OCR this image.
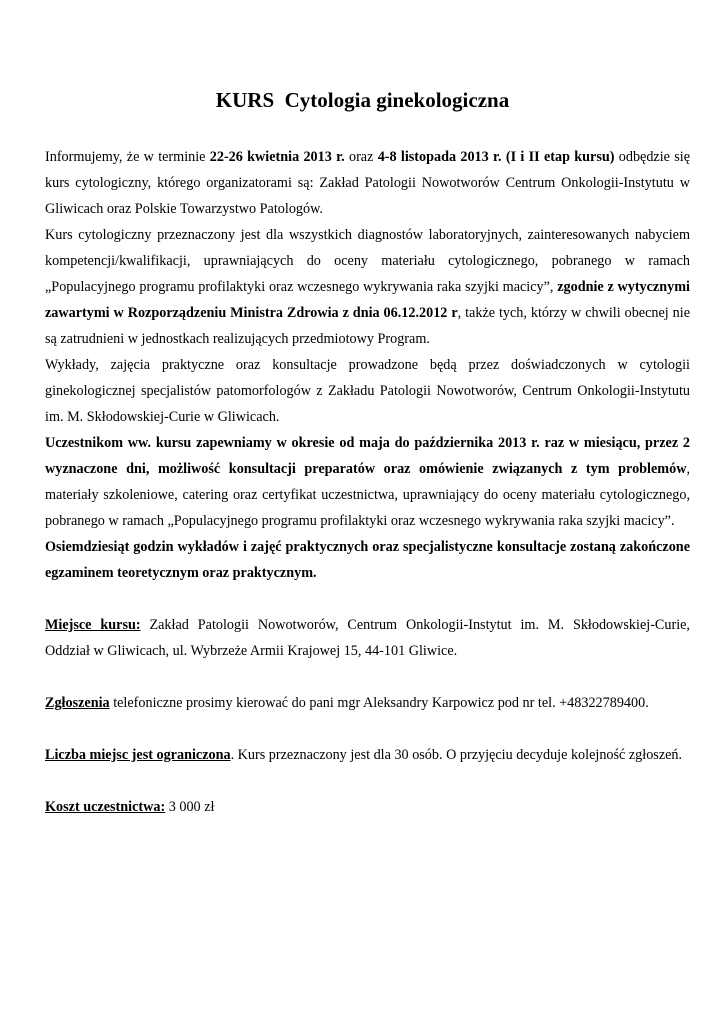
KURS  Cytologia ginekologiczna

Informujemy, że w terminie 22-26 kwietnia 2013 r. oraz 4-8 listopada 2013 r. (I i II etap kursu) odbędzie się kurs cytologiczny, którego organizatorami są: Zakład Patologii Nowotworów Centrum Onkologii-Instytutu w Gliwicach oraz Polskie Towarzystwo Patologów.

Kurs cytologiczny przeznaczony jest dla wszystkich diagnostów laboratoryjnych, zainteresowanych nabyciem kompetencji/kwalifikacji, uprawniających do oceny materiału cytologicznego, pobranego w ramach „Populacyjnego programu profilaktyki oraz wczesnego wykrywania raka szyjki macicy”, zgodnie z wytycznymi zawartymi w Rozporządzeniu Ministra Zdrowia z dnia 06.12.2012 r, także tych, którzy w chwili obecnej nie są zatrudnieni w jednostkach realizujących przedmiotowy Program.

Wykłady, zajęcia praktyczne oraz konsultacje prowadzone będą przez doświadczonych w cytologii ginekologicznej specjalistów patomorfologów z Zakładu Patologii Nowotworów, Centrum Onkologii-Instytutu im. M. Skłodowskiej-Curie w Gliwicach.

Uczestnikom ww. kursu zapewniamy w okresie od maja do października 2013 r. raz w miesiącu, przez 2 wyznaczone dni, możliwość konsultacji preparatów oraz omówienie związanych z tym problemów, materiały szkoleniowe, catering oraz certyfikat uczestnictwa, uprawniający do oceny materiału cytologicznego, pobranego w ramach „Populacyjnego programu profilaktyki oraz wczesnego wykrywania raka szyjki macicy”.

Osiemdziesiąt godzin wykładów i zajęć praktycznych oraz specjalistyczne konsultacje zostaną zakończone egzaminem teoretycznym oraz praktycznym.

Miejsce kursu: Zakład Patologii Nowotworów, Centrum Onkologii-Instytut im. M. Skłodowskiej-Curie, Oddział w Gliwicach, ul. Wybrzeże Armii Krajowej 15, 44-101 Gliwice.

Zgłoszenia telefoniczne prosimy kierować do pani mgr Aleksandry Karpowicz pod nr tel. +48322789400.

Liczba miejsc jest ograniczona. Kurs przeznaczony jest dla 30 osób. O przyjęciu decyduje kolejność zgłoszeń.

Koszt uczestnictwa: 3 000 zł
